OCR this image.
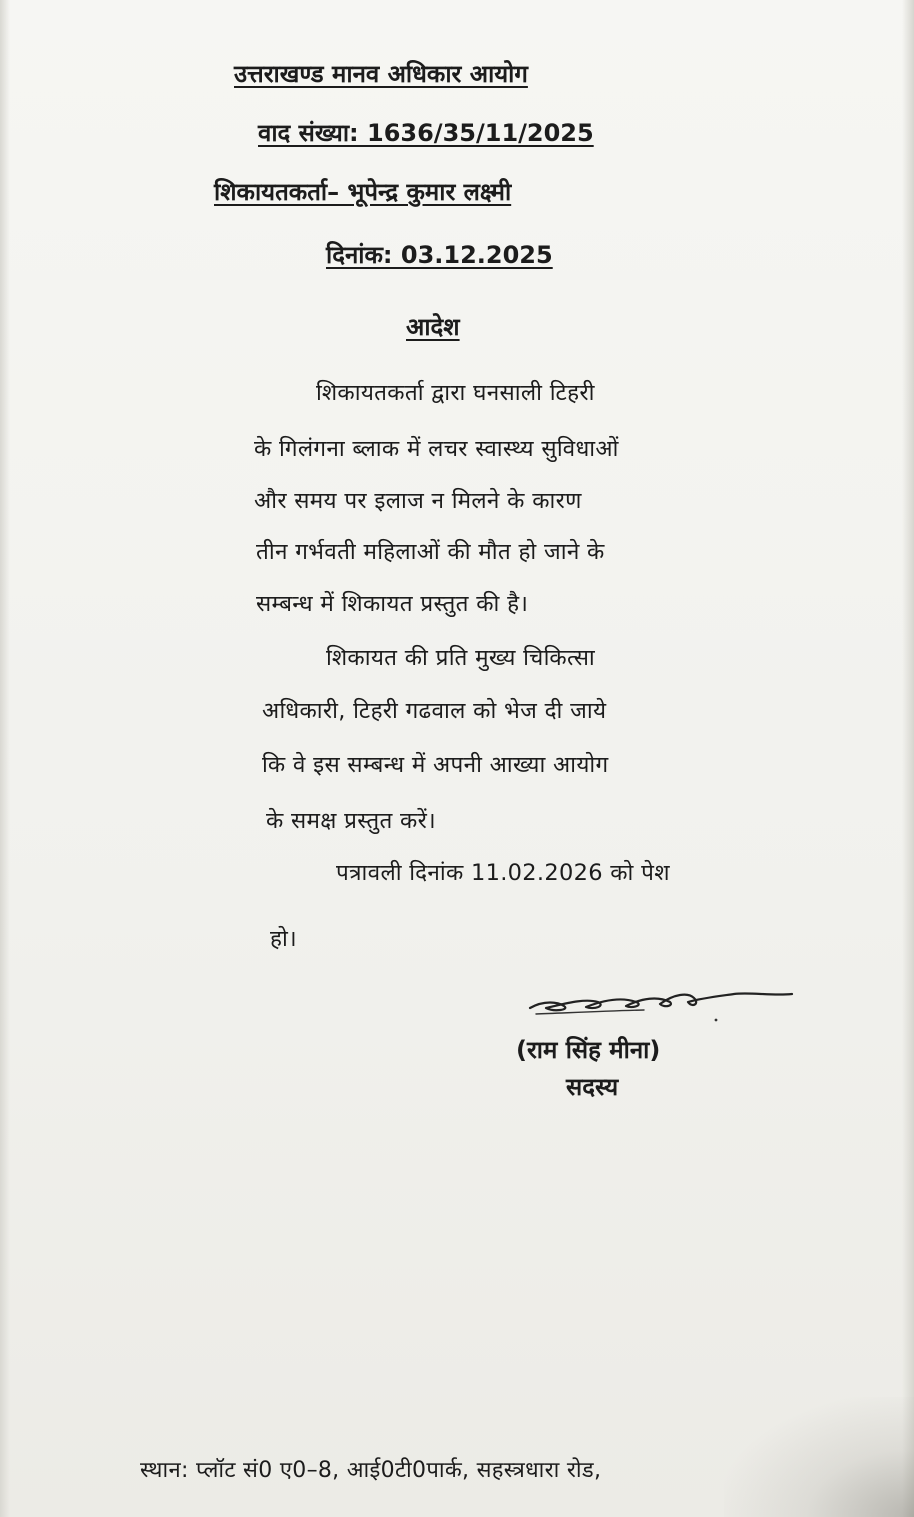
उत्तराखण्ड मानव अधिकार आयोग
वाद संख्या: 1636/35/11/2025
शिकायतकर्ता– भूपेन्द्र कुमार लक्ष्मी
दिनांक: 03.12.2025
आदेश
शिकायतकर्ता द्वारा घनसाली टिहरी
के गिलंगना ब्लाक में लचर स्वास्थ्य सुविधाओं
और समय पर इलाज न मिलने के कारण
तीन गर्भवती महिलाओं की मौत हो जाने के
सम्बन्ध में शिकायत प्रस्तुत की है।
शिकायत की प्रति मुख्य चिकित्सा
अधिकारी, टिहरी गढवाल को भेज दी जाये
कि वे इस सम्बन्ध में अपनी आख्या आयोग
के समक्ष प्रस्तुत करें।
पत्रावली दिनांक 11.02.2026 को पेश
हो।
(राम सिंह मीना)
सदस्य
स्थान: प्लॉट सं0 ए0–8, आई0टी0पार्क, सहस्त्रधारा रोड,
